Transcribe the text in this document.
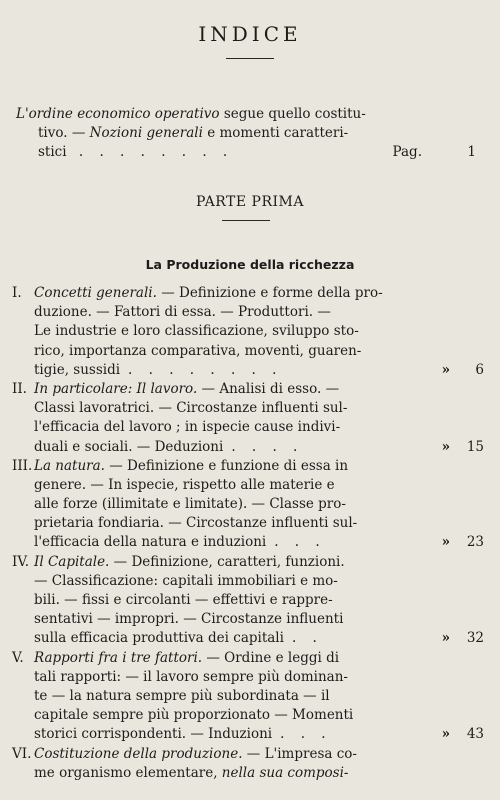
INDICE
L'ordine economico operativo segue quello costitu-
tivo. — Nozioni generali e momenti caratteri-
stici . . . . . . . .	Pag.	1
PARTE PRIMA
La Produzione della ricchezza
I.Concetti generali. — Definizione e forme della pro-
duzione. — Fattori di essa. — Produttori. —
Le industrie e loro classificazione, sviluppo sto-
rico, importanza comparativa, moventi, guaren-
tigie, sussidi . . . . . . . .	» 6
II.In particolare: Il lavoro. — Analisi di esso. —
Classi lavoratrici. — Circostanze influenti sul-
l'efficacia del lavoro ; in ispecie cause indivi-
duali e sociali. — Deduzioni . . . .	» 15
III.La natura. — Definizione e funzione di essa in
genere. — In ispecie, rispetto alle materie e
alle forze (illimitate e limitate). — Classe pro-
prietaria fondiaria. — Circostanze influenti sul-
l'efficacia della natura e induzioni . . .	» 23
IV.Il Capitale. — Definizione, caratteri, funzioni.
— Classificazione: capitali immobiliari e mo-
bili. — fissi e circolanti — effettivi e rappre-
sentativi — impropri. — Circostanze influenti
sulla efficacia produttiva dei capitali . .	» 32
V.Rapporti fra i tre fattori. — Ordine e leggi di
tali rapporti: — il lavoro sempre più dominan-
te — la natura sempre più subordinata — il
capitale sempre più proporzionato — Momenti
storici corrispondenti. — Induzioni . . .	» 43
VI.Costituzione della produzione. — L'impresa co-
me organismo elementare, nella sua composi-
